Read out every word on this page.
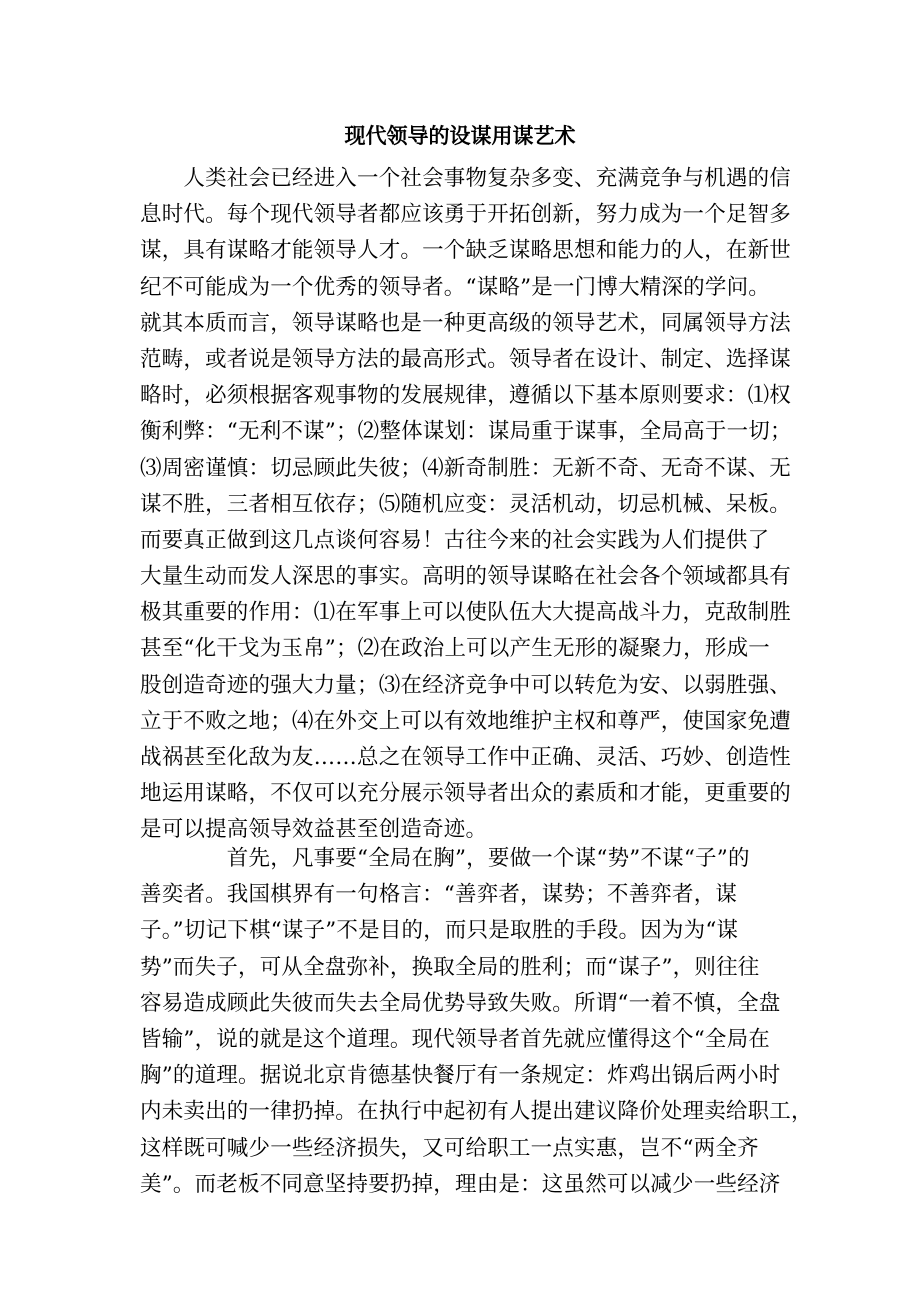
现代领导的设谋用谋艺术
　　人类社会已经进入一个社会事物复杂多变、充满竞争与机遇的信
息时代。每个现代领导者都应该勇于开拓创新，努力成为一个足智多
谋，具有谋略才能领导人才。一个缺乏谋略思想和能力的人，在新世
纪不可能成为一个优秀的领导者。“谋略”是一门博大精深的学问。
就其本质而言，领导谋略也是一种更高级的领导艺术，同属领导方法
范畴，或者说是领导方法的最高形式。领导者在设计、制定、选择谋
略时，必须根据客观事物的发展规律，遵循以下基本原则要求：⑴权
衡利弊：“无利不谋”；⑵整体谋划：谋局重于谋事，全局高于一切；
⑶周密谨慎：切忌顾此失彼；⑷新奇制胜：无新不奇、无奇不谋、无
谋不胜，三者相互依存；⑸随机应变：灵活机动，切忌机械、呆板。
而要真正做到这几点谈何容易！古往今来的社会实践为人们提供了
大量生动而发人深思的事实。高明的领导谋略在社会各个领域都具有
极其重要的作用：⑴在军事上可以使队伍大大提高战斗力，克敌制胜
甚至“化干戈为玉帛”；⑵在政治上可以产生无形的凝聚力，形成一
股创造奇迹的强大力量；⑶在经济竞争中可以转危为安、以弱胜强、
立于不败之地；⑷在外交上可以有效地维护主权和尊严，使国家免遭
战祸甚至化敌为友……总之在领导工作中正确、灵活、巧妙、创造性
地运用谋略，不仅可以充分展示领导者出众的素质和才能，更重要的
是可以提高领导效益甚至创造奇迹。
　　　　首先，凡事要“全局在胸”，要做一个谋“势”不谋“子”的
善奕者。我国棋界有一句格言：“善弈者，谋势；不善弈者，谋
子。”切记下棋“谋子”不是目的，而只是取胜的手段。因为为“谋
势”而失子，可从全盘弥补，换取全局的胜利；而“谋子”，则往往
容易造成顾此失彼而失去全局优势导致失败。所谓“一着不慎，全盘
皆输”，说的就是这个道理。现代领导者首先就应懂得这个“全局在
胸”的道理。据说北京肯德基快餐厅有一条规定：炸鸡出锅后两小时
内未卖出的一律扔掉。在执行中起初有人提出建议降价处理卖给职工，
这样既可喊少一些经济损失，又可给职工一点实惠，岂不“两全齐
美”。而老板不同意坚持要扔掉，理由是：这虽然可以减少一些经济
